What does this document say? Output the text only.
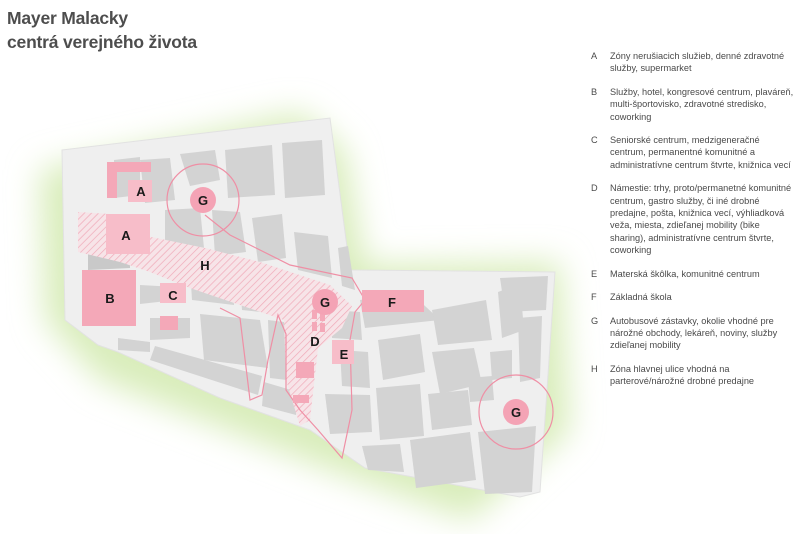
Mayer Malacky
centrá verejného života
A
A
B	C
D
E
F
G
G
G
H
A	Zóny nerušiacich služieb, denné zdravotné služby, supermarket
B	Služby, hotel, kongresové centrum, plaváreň, multi-športovisko, zdravotné stredisko, coworking
C	Seniorské centrum, medzigeneračné centrum, permanentné komunitné a administratívne centrum štvrte, knižnica vecí
D	Námestie: trhy, proto/permanetné komunitné centrum, gastro služby, či iné drobné predajne, pošta, knižnica vecí, výhliadková veža, miesta, zdieľanej mobility (bike sharing), administratívne centrum štvrte, coworking
E	Materská škôlka, komunitné centrum
F	Základná škola
G	Autobusové zástavky, okolie vhodné pre nárožné obchody, lekáreň, noviny, služby zdieľanej mobility
H	Zóna hlavnej ulice vhodná na parterové/nárožné drobné predajne
